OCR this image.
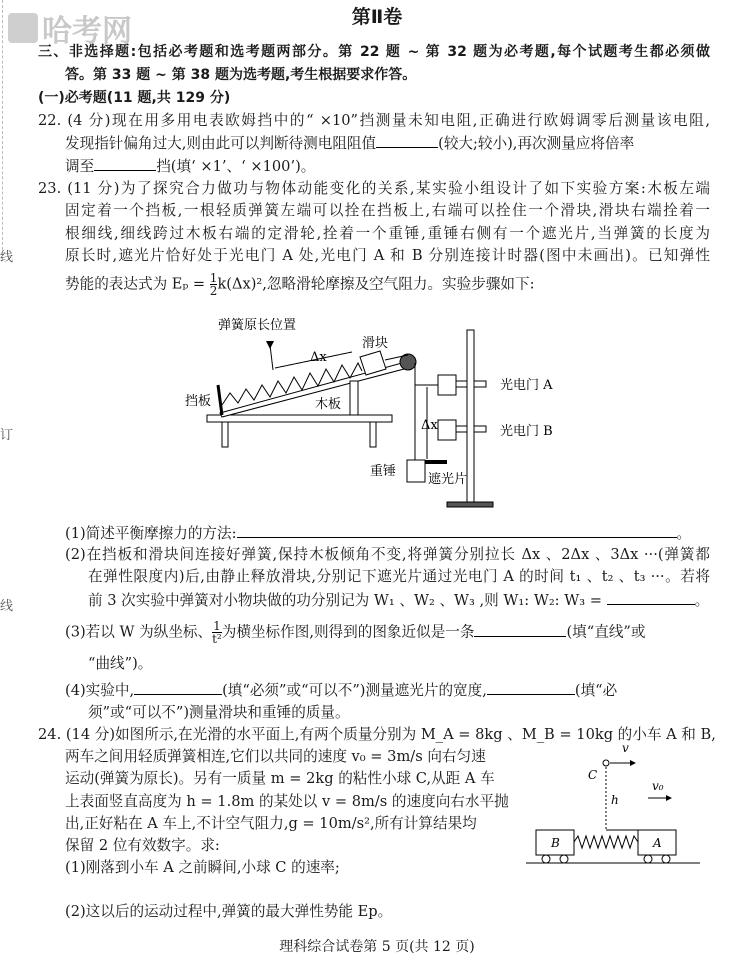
线
订
线
哈考网	第Ⅱ卷
三、非选择题:包括必考题和选考题两部分。第 22 题 ~ 第 32 题为必考题,每个试题考生都必须做
答。第 33 题 ~ 第 38 题为选考题,考生根据要求作答。
(一)必考题(11 题,共 129 分)
22. (4 分)现在用多用电表欧姆挡中的“ ×10”挡测量未知电阻,正确进行欧姆调零后测量该电阻,
发现指针偏角过大,则由此可以判断待测电阻阻值	(较大;较小),再次测量应将倍率
调至	挡(填‘ ×1’、‘ ×100’)。
23. (11 分)为了探究合力做功与物体动能变化的关系,某实验小组设计了如下实验方案:木板左端
固定着一个挡板,一根轻质弹簧左端可以拴在挡板上,右端可以拴住一个滑块,滑块右端拴着一
根细线,细线跨过木板右端的定滑轮,拴着一个重锤,重锤右侧有一个遮光片,当弹簧的长度为
原长时,遮光片恰好处于光电门 A 处,光电门 A 和 B 分别连接计时器(图中未画出)。已知弹性
势能的表达式为 $E_p = \frac{1}{2} k(\Delta x)^2$,忽略滑轮摩擦及空气阻力。实验步骤如下:
弹簧原长位置
Δx
滑块
挡板	木板
光电门 A
光电门 B
Δx
重锤
遮光片
(1)简述平衡摩擦力的方法:	。
(2)在挡板和滑块间连接好弹簧,保持木板倾角不变,将弹簧分别拉长 Δx 、2Δx 、3Δx ···(弹簧都
在弹性限度内)后,由静止释放滑块,分别记下遮光片通过光电门 A 的时间 t₁ 、t₂ 、t₃ ···。若将
前 3 次实验中弹簧对小物块做的功分别记为 W₁ 、W₂ 、W₃ ,则 W₁: W₂: W₃ =	。
(3)若以 W 为纵坐标、 $\frac{1}{\text{t²}}$ 为横坐标作图,则得到的图象近似是一条	(填“直线”或
“曲线”)。
(4)实验中,	(填“必须”或“可以不”)测量遮光片的宽度,	(填“必
须”或“可以不”)测量滑块和重锤的质量。
24. (14 分)如图所示,在光滑的水平面上,有两个质量分别为 M_A = 8kg 、M_B = 10kg 的小车 A 和 B,
两车之间用轻质弹簧相连,它们以共同的速度 v₀ = 3m/s 向右匀速
运动(弹簧为原长)。另有一质量 m = 2kg 的粘性小球 C,从距 A 车
上表面竖直高度为 h = 1.8m 的某处以 v = 8m/s 的速度向右水平抛
出,正好粘在 A 车上,不计空气阻力,g = 10m/s²,所有计算结果均
保留 2 位有效数字。求:
(1)刚落到小车 A 之前瞬间,小球 C 的速率;
(2)这以后的运动过程中,弹簧的最大弹性势能 Ep。
v
C
h
v₀
B	A
理科综合试卷第 5 页(共 12 页)
